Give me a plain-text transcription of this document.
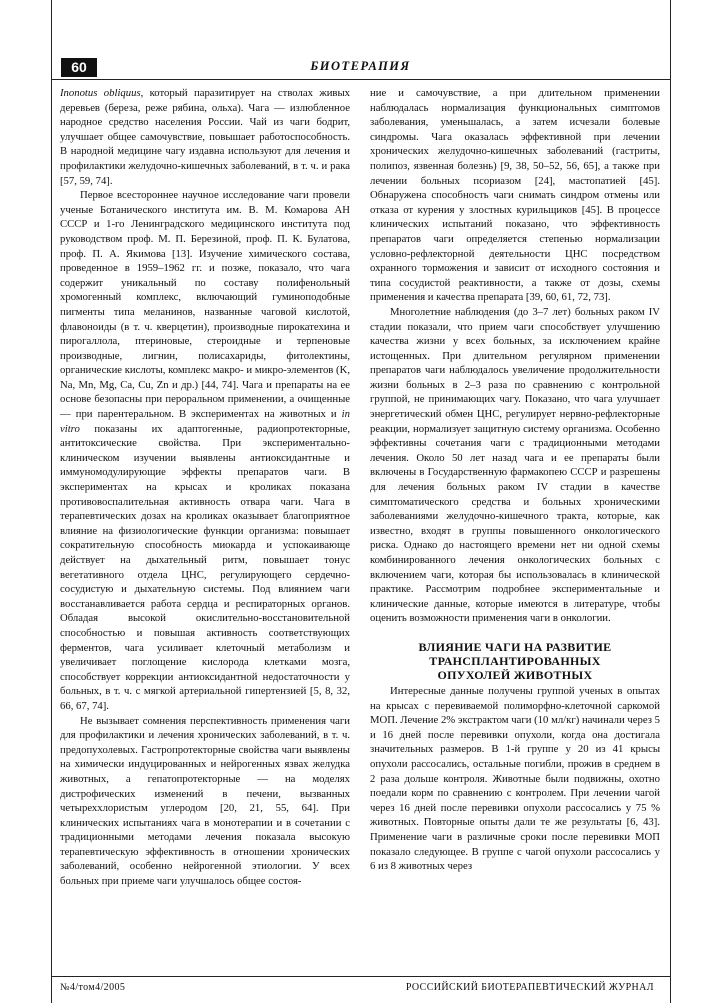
60	БИОТЕРАПИЯ

Inonotus obliquus, который паразитирует на стволах живых деревьев (береза, реже рябина, ольха). Чага — излюбленное народное средство населения России. Чай из чаги бодрит, улучшает общее самочувствие, повышает работоспособность. В народной медицине чагу издавна используют для лечения и профилактики желудочно-кишечных заболеваний, в т. ч. и рака [57, 59, 74].

Первое всестороннее научное исследование чаги провели ученые Ботанического института им. В. М. Комарова АН СССР и 1-го Ленинградского медицинского института под руководством проф. М. П. Березиной, проф. П. К. Булатова, проф. П. А. Якимова [13]. Изучение химического состава, проведенное в 1959–1962 гг. и позже, показало, что чага содержит уникальный по составу полифенольный хромогенный комплекс, включающий гуминоподобные пигменты типа меланинов, названные чаговой кислотой, флавоноиды (в т. ч. кверцетин), производные пирокатехина и пирогаллола, птериновые, стероидные и терпеновые производные, лигнин, полисахариды, фитолектины, органические кислоты, комплекс макро- и микро-элементов (K, Na, Mn, Mg, Ca, Cu, Zn и др.) [44, 74]. Чага и препараты на ее основе безопасны при пероральном применении, а очищенные — при парентеральном. В экспериментах на животных и in vitro показаны их адаптогенные, радиопротекторные, антитоксические свойства. При экспериментально-клиническом изучении выявлены антиоксидантные и иммуномодулирующие эффекты препаратов чаги. В экспериментах на крысах и кроликах показана противовоспалительная активность отвара чаги. Чага в терапевтических дозах на кроликах оказывает благоприятное влияние на физиологические функции организма: повышает сократительную способность миокарда и успокаивающе действует на дыхательный ритм, повышает тонус вегетативного отдела ЦНС, регулирующего сердечно-сосудистую и дыхательную системы. Под влиянием чаги восстанавливается работа сердца и респираторных органов. Обладая высокой окислительно-восстановительной способностью и повышая активность соответствующих ферментов, чага усиливает клеточный метаболизм и увеличивает поглощение кислорода клетками мозга, способствует коррекции антиоксидантной недостаточности у больных, в т. ч. с мягкой артериальной гипертензией [5, 8, 32, 66, 67, 74].

Не вызывает сомнения перспективность применения чаги для профилактики и лечения хронических заболеваний, в т. ч. предопухолевых. Гастропротекторные свойства чаги выявлены на химически индуцированных и нейрогенных язвах желудка животных, а гепатопротекторные — на моделях дистрофических изменений в печени, вызванных четыреххлористым углеродом [20, 21, 55, 64]. При клинических испытаниях чага в монотерапии и в сочетании с традиционными методами лечения показала высокую терапевтическую эффективность в отношении хронических заболеваний, особенно нейрогенной этиологии. У всех больных при приеме чаги улучшалось общее состоя-

ние и самочувствие, а при длительном применении наблюдалась нормализация функциональных симптомов заболевания, уменьшалась, а затем исчезали болевые синдромы. Чага оказалась эффективной при лечении хронических желудочно-кишечных заболеваний (гастриты, полипоз, язвенная болезнь) [9, 38, 50–52, 56, 65], а также при лечении больных псориазом [24], мастопатией [45]. Обнаружена способность чаги снимать синдром отмены или отказа от курения у злостных курильщиков [45]. В процессе клинических испытаний показано, что эффективность препаратов чаги определяется степенью нормализации условно-рефлекторной деятельности ЦНС посредством охранного торможения и зависит от исходного состояния и типа сосудистой реактивности, а также от дозы, схемы применения и качества препарата [39, 60, 61, 72, 73].

Многолетние наблюдения (до 3–7 лет) больных раком IV стадии показали, что прием чаги способствует улучшению качества жизни у всех больных, за исключением крайне истощенных. При длительном регулярном применении препаратов чаги наблюдалось увеличение продолжительности жизни больных в 2–3 раза по сравнению с контрольной группой, не принимающих чагу. Показано, что чага улучшает энергетический обмен ЦНС, регулирует нервно-рефлекторные реакции, нормализует защитную систему организма. Особенно эффективны сочетания чаги с традиционными методами лечения. Около 50 лет назад чага и ее препараты были включены в Государственную фармакопею СССР и разрешены для лечения больных раком IV стадии в качестве симптоматического средства и больных хроническими заболеваниями желудочно-кишечного тракта, которые, как известно, входят в группы повышенного онкологического риска. Однако до настоящего времени нет ни одной схемы комбинированного лечения онкологических больных с включением чаги, которая бы использовалась в клинической практике. Рассмотрим подробнее экспериментальные и клинические данные, которые имеются в литературе, чтобы оценить возможности применения чаги в онкологии.

ВЛИЯНИЕ ЧАГИ НА РАЗВИТИЕ
ТРАНСПЛАНТИРОВАННЫХ
ОПУХОЛЕЙ ЖИВОТНЫХ

Интересные данные получены группой ученых в опытах на крысах с перевиваемой полиморфно-клеточной саркомой МОП. Лечение 2% экстрактом чаги (10 мл/кг) начинали через 5 и 16 дней после перевивки опухоли, когда она достигала значительных размеров. В 1-й группе у 20 из 41 крысы опухоли рассосались, остальные погибли, прожив в среднем в 2 раза дольше контроля. Животные были подвижны, охотно поедали корм по сравнению с контролем. При лечении чагой через 16 дней после перевивки опухоли рассосались у 75 % животных. Повторные опыты дали те же результаты [6, 43]. Применение чаги в различные сроки после перевивки МОП показало следующее. В группе с чагой опухоли рассосались у 6 из 8 животных через

№4/том4/2005	РОССИЙСКИЙ БИОТЕРАПЕВТИЧЕСКИЙ ЖУРНАЛ
